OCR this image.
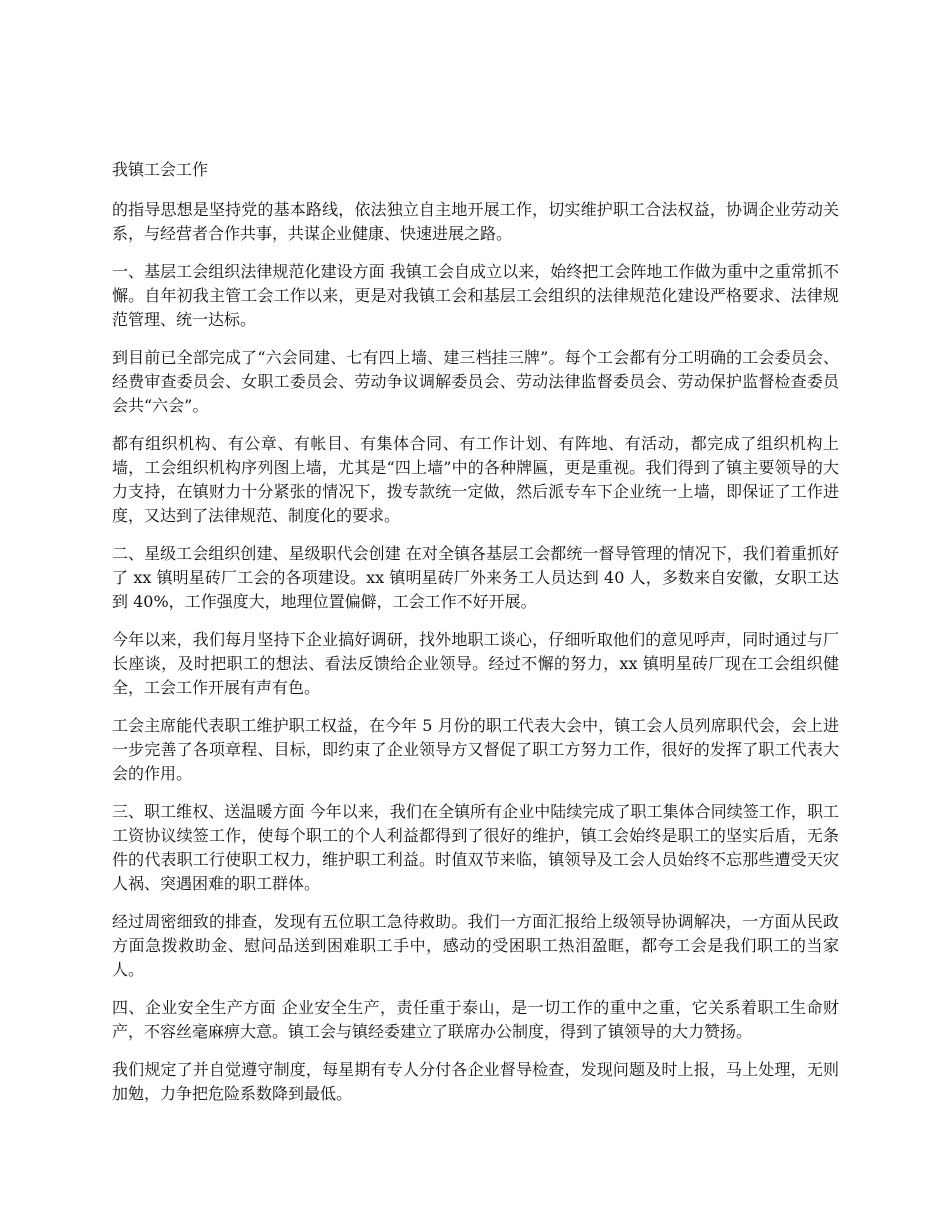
我镇工会工作

的指导思想是坚持党的基本路线，依法独立自主地开展工作，切实维护职工合法权益，协调企业劳动关系，与经营者合作共事，共谋企业健康、快速进展之路。

一、基层工会组织法律规范化建设方面 我镇工会自成立以来，始终把工会阵地工作做为重中之重常抓不懈。自年初我主管工会工作以来，更是对我镇工会和基层工会组织的法律规范化建设严格要求、法律规范管理、统一达标。

到目前已全部完成了“六会同建、七有四上墙、建三档挂三牌”。每个工会都有分工明确的工会委员会、经费审查委员会、女职工委员会、劳动争议调解委员会、劳动法律监督委员会、劳动保护监督检查委员会共“六会”。

都有组织机构、有公章、有帐目、有集体合同、有工作计划、有阵地、有活动，都完成了组织机构上墙，工会组织机构序列图上墙，尤其是“四上墙”中的各种牌匾，更是重视。我们得到了镇主要领导的大力支持，在镇财力十分紧张的情况下，拨专款统一定做，然后派专车下企业统一上墙，即保证了工作进度，又达到了法律规范、制度化的要求。

二、星级工会组织创建、星级职代会创建 在对全镇各基层工会都统一督导管理的情况下，我们着重抓好了 xx 镇明星砖厂工会的各项建设。xx 镇明星砖厂外来务工人员达到 40 人，多数来自安徽，女职工达到 40%，工作强度大，地理位置偏僻，工会工作不好开展。

今年以来，我们每月坚持下企业搞好调研，找外地职工谈心，仔细听取他们的意见呼声，同时通过与厂长座谈，及时把职工的想法、看法反馈给企业领导。经过不懈的努力，xx 镇明星砖厂现在工会组织健全，工会工作开展有声有色。

工会主席能代表职工维护职工权益，在今年 5 月份的职工代表大会中，镇工会人员列席职代会，会上进一步完善了各项章程、目标，即约束了企业领导方又督促了职工方努力工作，很好的发挥了职工代表大会的作用。

三、职工维权、送温暖方面 今年以来，我们在全镇所有企业中陆续完成了职工集体合同续签工作，职工工资协议续签工作，使每个职工的个人利益都得到了很好的维护，镇工会始终是职工的坚实后盾，无条件的代表职工行使职工权力，维护职工利益。时值双节来临，镇领导及工会人员始终不忘那些遭受天灾人祸、突遇困难的职工群体。

经过周密细致的排查，发现有五位职工急待救助。我们一方面汇报给上级领导协调解决，一方面从民政方面急拨救助金、慰问品送到困难职工手中，感动的受困职工热泪盈眶，都夸工会是我们职工的当家人。

四、企业安全生产方面 企业安全生产，责任重于泰山，是一切工作的重中之重，它关系着职工生命财产，不容丝毫麻痹大意。镇工会与镇经委建立了联席办公制度，得到了镇领导的大力赞扬。

我们规定了并自觉遵守制度，每星期有专人分付各企业督导检查，发现问题及时上报，马上处理，无则加勉，力争把危险系数降到最低。
